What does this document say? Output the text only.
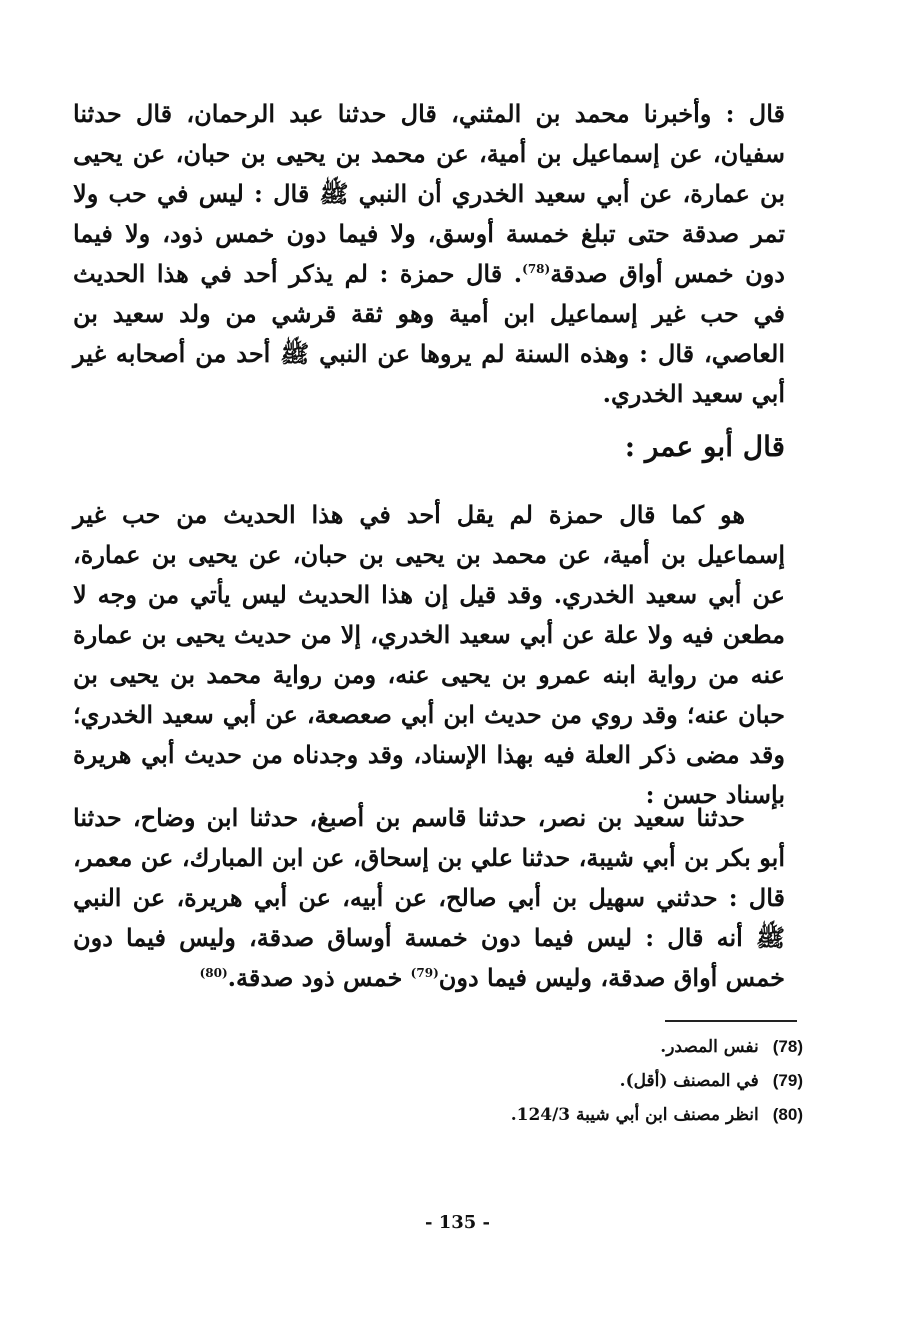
قال : وأخبرنا محمد بن المثني، قال حدثنا عبد الرحمان، قال حدثنا سفيان، عن إسماعيل بن أمية، عن محمد بن يحيى بن حبان، عن يحيى بن عمارة، عن أبي سعيد الخدري أن النبي ﷺ قال : ليس في حب ولا تمر صدقة حتى تبلغ خمسة أوسق، ولا فيما دون خمس ذود، ولا فيما دون خمس أواق صدقة$^{(78)}$. قال حمزة : لم يذكر أحد في هذا الحديث في حب غير إسماعيل ابن أمية وهو ثقة قرشي من ولد سعيد بن العاصي، قال : وهذه السنة لم يروها عن النبي ﷺ أحد من أصحابه غير أبي سعيد الخدري.

قال أبو عمر :

هو كما قال حمزة لم يقل أحد في هذا الحديث من حب غير إسماعيل بن أمية، عن محمد بن يحيى بن حبان، عن يحيى بن عمارة، عن أبي سعيد الخدري. وقد قيل إن هذا الحديث ليس يأتي من وجه لا مطعن فيه ولا علة عن أبي سعيد الخدري، إلا من حديث يحيى بن عمارة عنه من رواية ابنه عمرو بن يحيى عنه، ومن رواية محمد بن يحيى بن حبان عنه؛ وقد روي من حديث ابن أبي صعصعة، عن أبي سعيد الخدري؛ وقد مضى ذكر العلة فيه بهذا الإسناد، وقد وجدناه من حديث أبي هريرة بإسناد حسن :

حدثنا سعيد بن نصر، حدثنا قاسم بن أصبغ، حدثنا ابن وضاح، حدثنا أبو بكر بن أبي شيبة، حدثنا علي بن إسحاق، عن ابن المبارك، عن معمر، قال : حدثني سهيل بن أبي صالح، عن أبيه، عن أبي هريرة، عن النبي ﷺ أنه قال : ليس فيما دون خمسة أوساق صدقة، وليس فيما دون خمس أواق صدقة، وليس فيما دون$^{(79)}$ خمس ذود صدقة.$^{(80)}$

(78)نفس المصدر.
(79)في المصنف (أقل).
(80)انظر مصنف ابن أبي شيبة 124/3.
- 135 -
